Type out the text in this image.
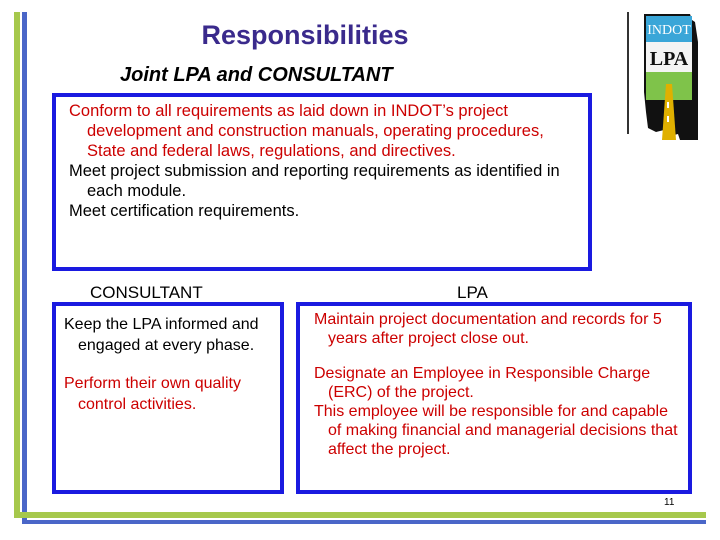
Responsibilities
Joint LPA and CONSULTANT
INDOT
LPA

Conform to all requirements as laid down in INDOT’s project development and construction manuals, operating procedures, State and federal laws, regulations, and directives.

Meet project submission and reporting requirements as identified in each module.

Meet certification requirements.

CONSULTANT	LPA

Keep the LPA informed and engaged at every phase.

Perform their own quality control activities.

Maintain project documentation and records for 5 years after project close out.

Designate an Employee in Responsible Charge (ERC) of the project.

This employee will be responsible for and capable of making financial and managerial decisions that affect the project.

11
